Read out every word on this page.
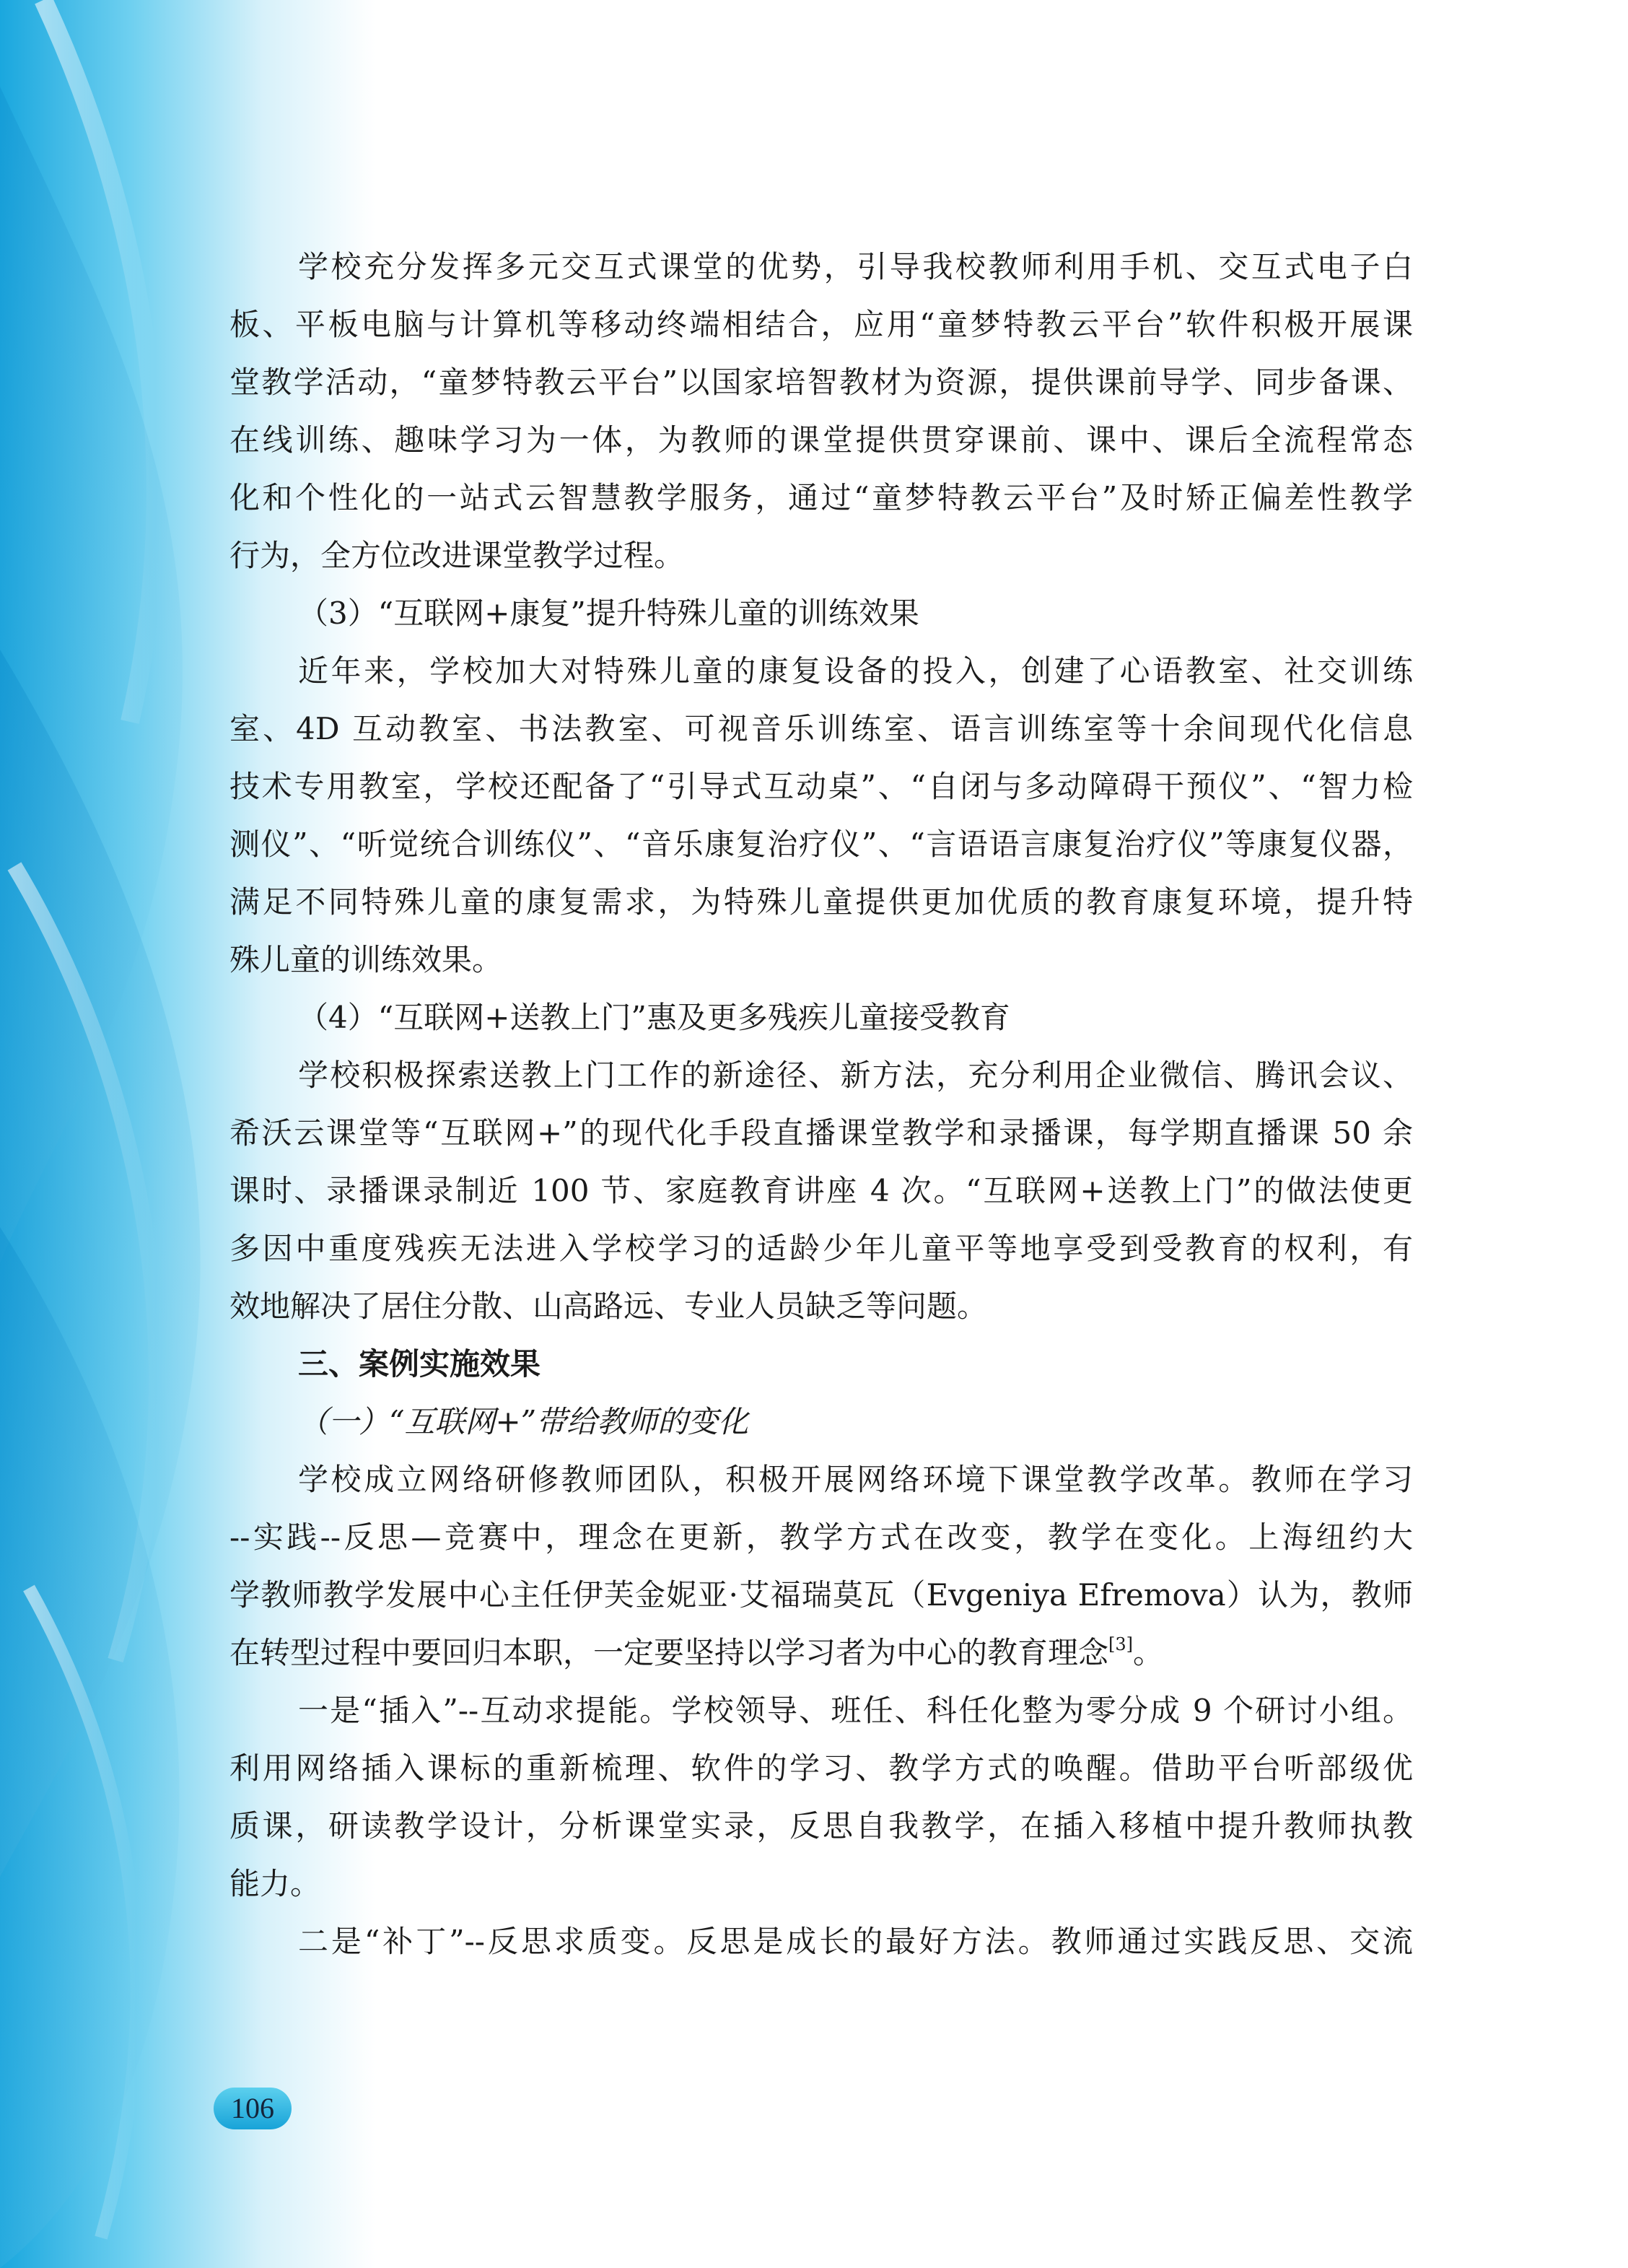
学校充分发挥多元交互式课堂的优势，引导我校教师利用手机、交互式电子白
板、平板电脑与计算机等移动终端相结合，应用“童梦特教云平台”软件积极开展课
堂教学活动，“童梦特教云平台”以国家培智教材为资源，提供课前导学、同步备课、
在线训练、趣味学习为一体，为教师的课堂提供贯穿课前、课中、课后全流程常态
化和个性化的一站式云智慧教学服务，通过“童梦特教云平台”及时矫正偏差性教学
行为，全方位改进课堂教学过程。
（3）“互联网+康复”提升特殊儿童的训练效果
近年来，学校加大对特殊儿童的康复设备的投入，创建了心语教室、社交训练
室、4D 互动教室、书法教室、可视音乐训练室、语言训练室等十余间现代化信息
技术专用教室，学校还配备了“引导式互动桌”、“自闭与多动障碍干预仪”、“智力检
测仪”、“听觉统合训练仪”、“音乐康复治疗仪”、“言语语言康复治疗仪”等康复仪器，
满足不同特殊儿童的康复需求，为特殊儿童提供更加优质的教育康复环境，提升特
殊儿童的训练效果。
（4）“互联网+送教上门”惠及更多残疾儿童接受教育
学校积极探索送教上门工作的新途径、新方法，充分利用企业微信、腾讯会议、
希沃云课堂等“互联网+”的现代化手段直播课堂教学和录播课，每学期直播课 50 余
课时、录播课录制近 100 节、家庭教育讲座 4 次。“互联网+送教上门”的做法使更
多因中重度残疾无法进入学校学习的适龄少年儿童平等地享受到受教育的权利，有
效地解决了居住分散、山高路远、专业人员缺乏等问题。
三、案例实施效果
（一）“互联网+”带给教师的变化
学校成立网络研修教师团队，积极开展网络环境下课堂教学改革。教师在学习
--实践--反思—竞赛中，理念在更新，教学方式在改变，教学在变化。上海纽约大
学教师教学发展中心主任伊芙金妮亚·艾福瑞莫瓦（Evgeniya Efremova）认为，教师
在转型过程中要回归本职，一定要坚持以学习者为中心的教育理念[3]。
一是“插入”--互动求提能。学校领导、班任、科任化整为零分成 9 个研讨小组。
利用网络插入课标的重新梳理、软件的学习、教学方式的唤醒。借助平台听部级优
质课，研读教学设计，分析课堂实录，反思自我教学，在插入移植中提升教师执教
能力。
二是“补丁”--反思求质变。反思是成长的最好方法。教师通过实践反思、交流
106
